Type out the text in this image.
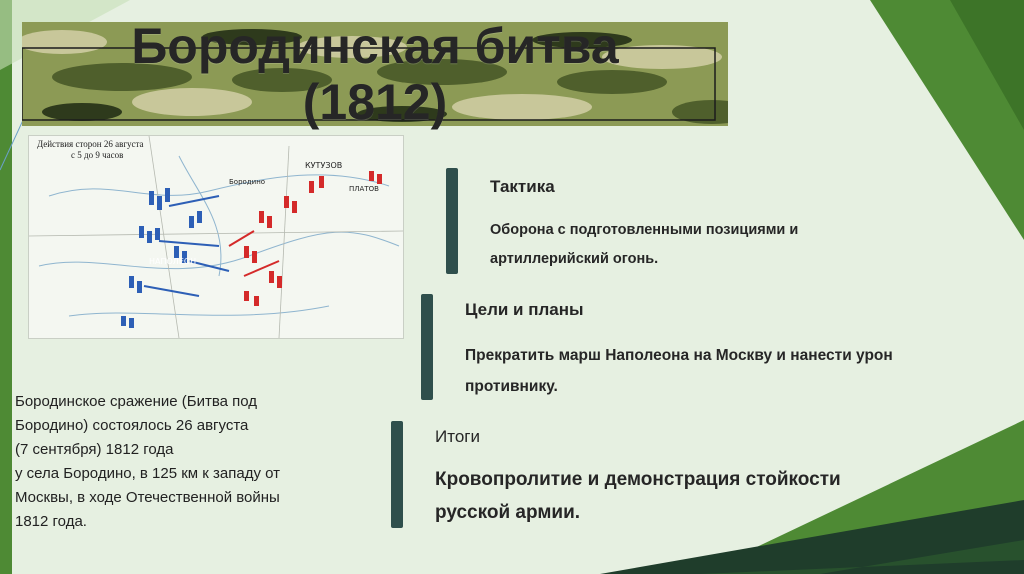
Бородинская битва
(1812)
Действия сторон 26 августа
с 5 до 9 часов
КУТУЗОВ
НАПОЛЕОН
ПЛАТОВ
Бородино
Бородинское сражение (Битва под
Бородино) состоялось 26 августа
(7 сентября) 1812 года
у села Бородино, в 125 км к западу от
Москвы, в ходе Отечественной войны
1812 года.
Тактика
Оборона с подготовленными позициями и
артиллерийский огонь.
Цели и планы
Прекратить марш Наполеона на Москву и нанести урон
противнику.
Итоги
Кровопролитие и демонстрация стойкости
русской армии.
